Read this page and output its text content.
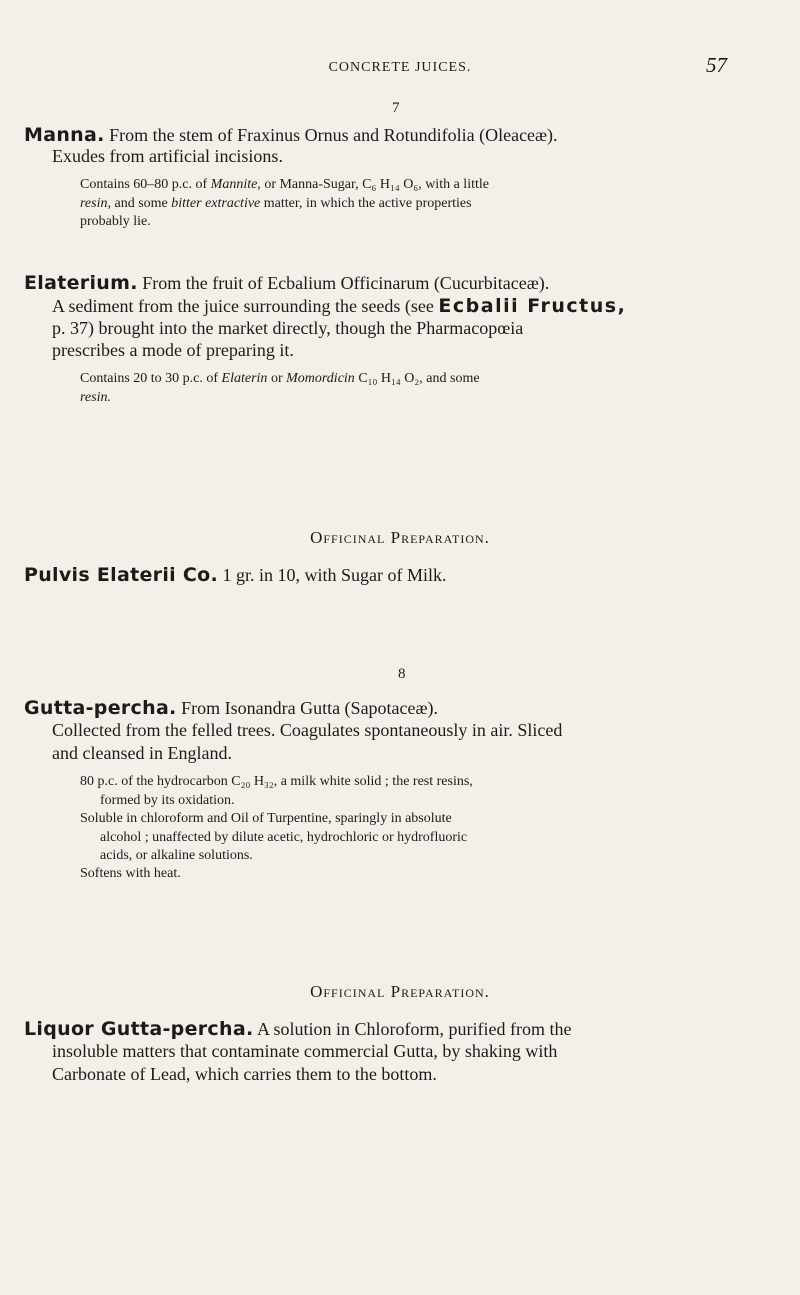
CONCRETE JUICES.	57
7
Manna. From the stem of Fraxinus Ornus and Rotundifolia (Oleaceæ).
Exudes from artificial incisions.
Contains 60–80 p.c. of Mannite, or Manna-Sugar, C₆ H₁₄ O₆, with a little
resin, and some bitter extractive matter, in which the active properties
probably lie.
Elaterium. From the fruit of Ecbalium Officinarum (Cucurbitaceæ).
A sediment from the juice surrounding the seeds (see Ecbalii Fructus,
p. 37) brought into the market directly, though the Pharmacopœia
prescribes a mode of preparing it.
Contains 20 to 30 p.c. of Elaterin or Momordicin C₁₀ H₁₄ O₂, and some
resin.
Officinal Preparation.
Pulvis Elaterii Co. 1 gr. in 10, with Sugar of Milk.
8
Gutta-percha. From Isonandra Gutta (Sapotaceæ).
Collected from the felled trees. Coagulates spontaneously in air. Sliced
and cleansed in England.
80 p.c. of the hydrocarbon C₂₀ H₃₂, a milk white solid ; the rest resins,
formed by its oxidation.
Soluble in chloroform and Oil of Turpentine, sparingly in absolute
alcohol ; unaffected by dilute acetic, hydrochloric or hydrofluoric
acids, or alkaline solutions.
Softens with heat.
Officinal Preparation.
Liquor Gutta-percha. A solution in Chloroform, purified from the
insoluble matters that contaminate commercial Gutta, by shaking with
Carbonate of Lead, which carries them to the bottom.
